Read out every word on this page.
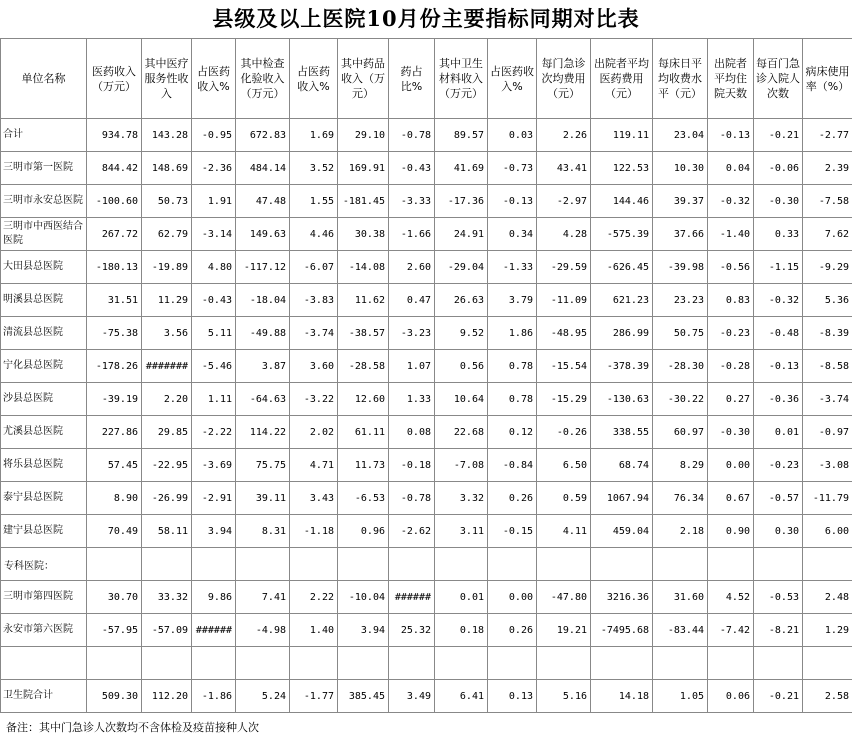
县级及以上医院10月份主要指标同期对比表
单位名称	医药收入（万元）	其中医疗服务性收入	占医药收入%	其中检查化验收入（万元）	占医药收入%	其中药品收入（万元）	药占比%	其中卫生材料收入（万元）	占医药收入%	每门急诊次均费用（元）	出院者平均医药费用（元）	每床日平均收费水平（元）	出院者平均住院天数	每百门急诊入院人次数	病床使用率（%）
合计	934.78	143.28	-0.95	672.83	1.69	29.10	-0.78	89.57	0.03	2.26	119.11	23.04	-0.13	-0.21	-2.77
三明市第一医院	844.42	148.69	-2.36	484.14	3.52	169.91	-0.43	41.69	-0.73	43.41	122.53	10.30	0.04	-0.06	2.39
三明市永安总医院	-100.60	50.73	1.91	47.48	1.55	-181.45	-3.33	-17.36	-0.13	-2.97	144.46	39.37	-0.32	-0.30	-7.58
三明市中西医结合医院	267.72	62.79	-3.14	149.63	4.46	30.38	-1.66	24.91	0.34	4.28	-575.39	37.66	-1.40	0.33	7.62
大田县总医院	-180.13	-19.89	4.80	-117.12	-6.07	-14.08	2.60	-29.04	-1.33	-29.59	-626.45	-39.98	-0.56	-1.15	-9.29
明溪县总医院	31.51	11.29	-0.43	-18.04	-3.83	11.62	0.47	26.63	3.79	-11.09	621.23	23.23	0.83	-0.32	5.36
清流县总医院	-75.38	3.56	5.11	-49.88	-3.74	-38.57	-3.23	9.52	1.86	-48.95	286.99	50.75	-0.23	-0.48	-8.39
宁化县总医院	-178.26	#######	-5.46	3.87	3.60	-28.58	1.07	0.56	0.78	-15.54	-378.39	-28.30	-0.28	-0.13	-8.58
沙县总医院	-39.19	2.20	1.11	-64.63	-3.22	12.60	1.33	10.64	0.78	-15.29	-130.63	-30.22	0.27	-0.36	-3.74
尤溪县总医院	227.86	29.85	-2.22	114.22	2.02	61.11	0.08	22.68	0.12	-0.26	338.55	60.97	-0.30	0.01	-0.97
将乐县总医院	57.45	-22.95	-3.69	75.75	4.71	11.73	-0.18	-7.08	-0.84	6.50	68.74	8.29	0.00	-0.23	-3.08
泰宁县总医院	8.90	-26.99	-2.91	39.11	3.43	-6.53	-0.78	3.32	0.26	0.59	1067.94	76.34	0.67	-0.57	-11.79
建宁县总医院	70.49	58.11	3.94	8.31	-1.18	0.96	-2.62	3.11	-0.15	4.11	459.04	2.18	0.90	0.30	6.00
专科医院：															
三明市第四医院	30.70	33.32	9.86	7.41	2.22	-10.04	######	0.01	0.00	-47.80	3216.36	31.60	4.52	-0.53	2.48
永安市第六医院	-57.95	-57.09	######	-4.98	1.40	3.94	25.32	0.18	0.26	19.21	-7495.68	-83.44	-7.42	-8.21	1.29

卫生院合计	509.30	112.20	-1.86	5.24	-1.77	385.45	3.49	6.41	0.13	5.16	14.18	1.05	0.06	-0.21	2.58
备注：其中门急诊人次数均不含体检及疫苗接种人次
